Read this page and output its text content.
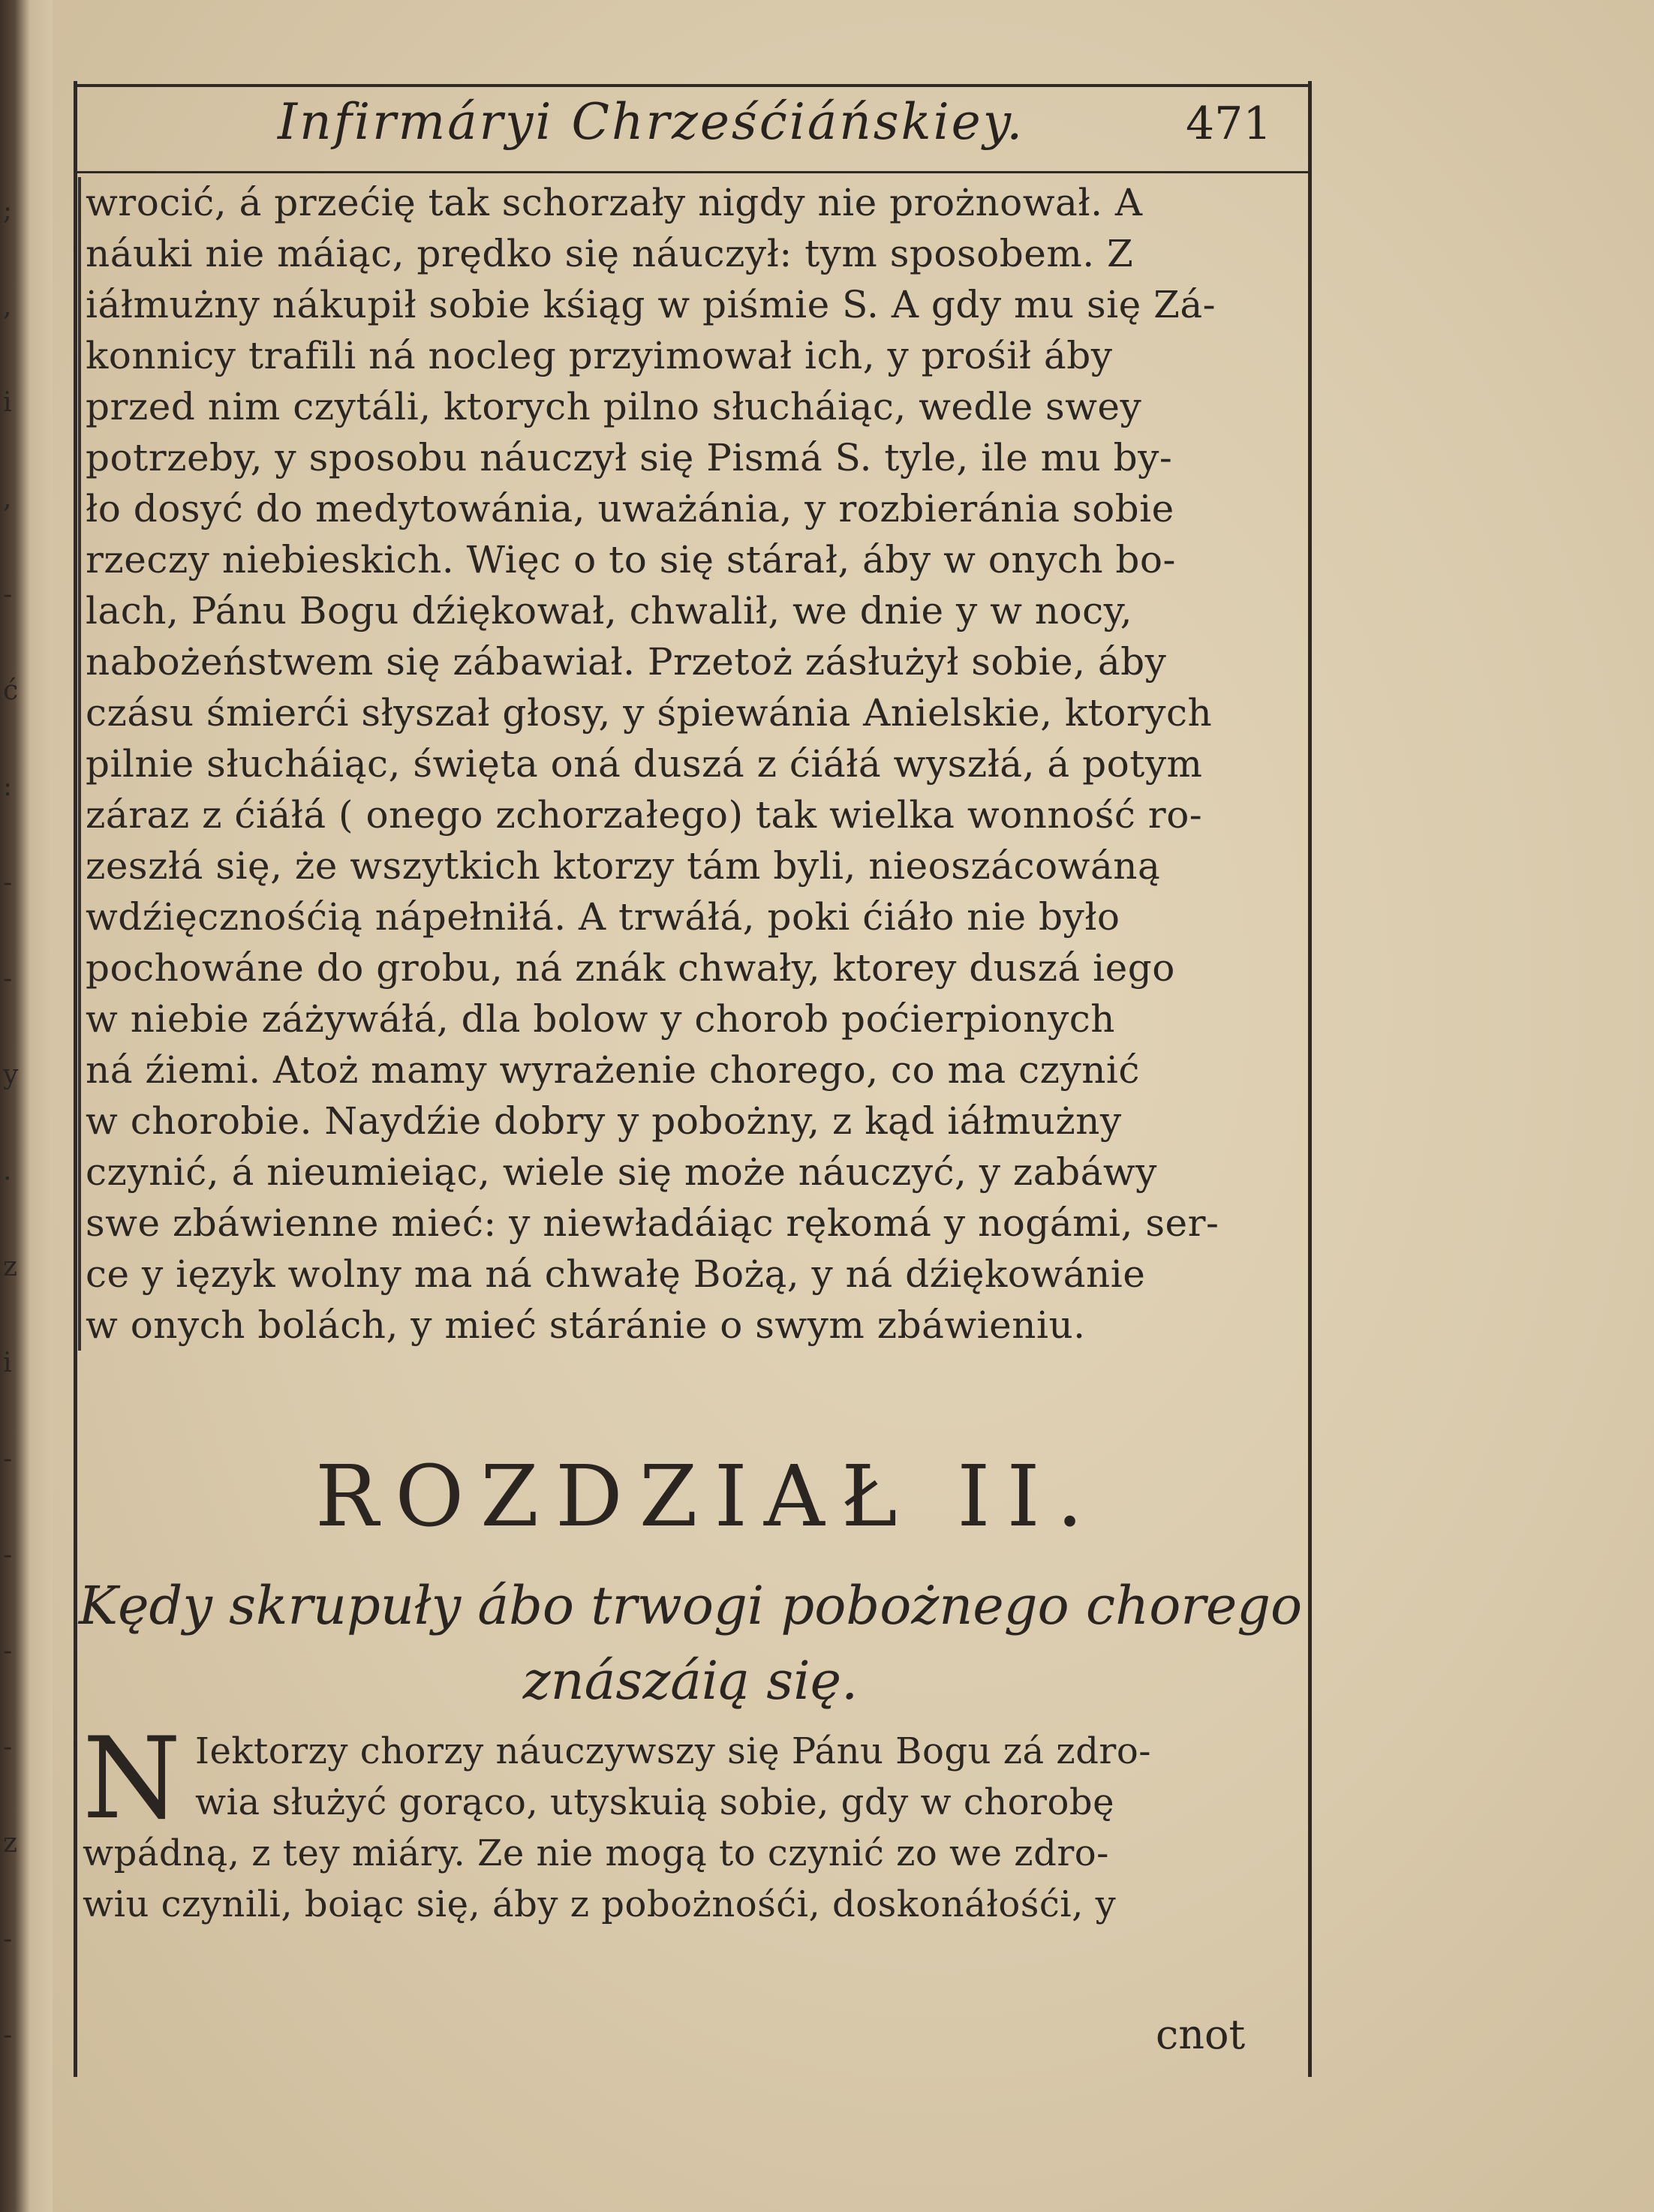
;
,
i
,
-
ć
:
-
-
y
.
z
i
-
-
-
-
z
-
-
Infirmáryi Chrześćiáńskiey.	471
wrocić, á przećię tak schorzały nigdy nie prożnował. A
náuki nie máiąc, prędko się náuczył: tym sposobem. Z
iáłmużny nákupił sobie kśiąg w piśmie S. A gdy mu się Zá-
konnicy trafili ná nocleg przyimował ich, y prośił áby
przed nim czytáli, ktorych pilno słucháiąc, wedle swey
potrzeby, y sposobu náuczył się Pismá S. tyle, ile mu by-
ło dosyć do medytowánia, uważánia, y rozbieránia sobie
rzeczy niebieskich. Więc o to się stárał, áby w onych bo-
lach, Pánu Bogu dźiękował, chwalił, we dnie y w nocy,
nabożeństwem się zábawiał. Przetoż zásłużył sobie, áby
czásu śmierći słyszał głosy, y śpiewánia Anielskie, ktorych
pilnie słucháiąc, święta oná duszá z ćiáłá wyszłá, á potym
záraz z ćiáłá ( onego zchorzałego) tak wielka wonność ro-
zeszłá się, że wszytkich ktorzy tám byli, nieoszácowáną
wdźięcznośćią nápełniłá. A trwáłá, poki ćiáło nie było
pochowáne do grobu, ná znák chwały, ktorey duszá iego
w niebie záżywáłá, dla bolow y chorob poćierpionych
ná źiemi. Atoż mamy wyrażenie chorego, co ma czynić
w chorobie. Naydźie dobry y pobożny, z kąd iáłmużny
czynić, á nieumieiąc, wiele się może náuczyć, y zabáwy
swe zbáwienne mieć: y niewładáiąc rękomá y nogámi, ser-
ce y ięzyk wolny ma ná chwałę Bożą, y ná dźiękowánie
w onych bolách, y mieć stáránie o swym zbáwieniu.
ROZDZIAŁ II.
Kędy skrupuły ábo trwogi pobożnego chorego
znászáią się.
N Iektorzy chorzy náuczywszy się Pánu Bogu zá zdro-
wia służyć gorąco, utyskuią sobie, gdy w chorobę
wpádną, z tey miáry. Ze nie mogą to czynić zo we zdro-
wiu czynili, boiąc się, áby z pobożnośći, doskonáłośći, y
cnot
